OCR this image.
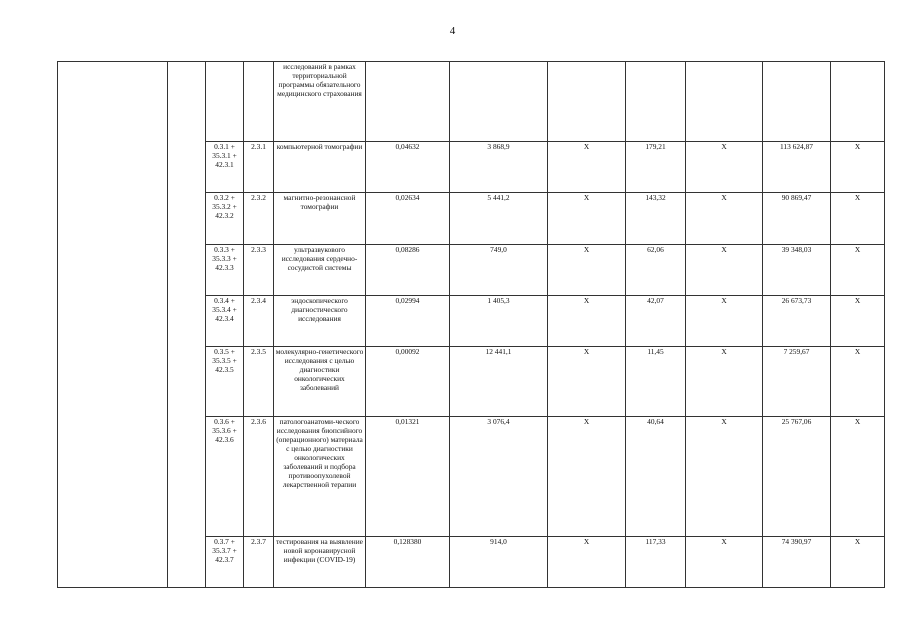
4
				исследований в рамках территориальной программы обязательного медицинского страхования							
		0.3.1 + 35.3.1 + 42.3.1	2.3.1	компьютерной томографии	0,04632	3 868,9	X	179,21	X	113 624,87	X
		0.3.2 + 35.3.2 + 42.3.2	2.3.2	магнитно-резонансной томографии	0,02634	5 441,2	X	143,32	X	90 869,47	X
		0.3.3 + 35.3.3 + 42.3.3	2.3.3	ультразвукового исследования сердечно-сосудистой системы	0,08286	749,0	X	62,06	X	39 348,03	X
		0.3.4 + 35.3.4 + 42.3.4	2.3.4	эндоскопического диагностического исследования	0,02994	1 405,3	X	42,07	X	26 673,73	X
		0.3.5 + 35.3.5 + 42.3.5	2.3.5	молекулярно-генетического исследования с целью диагностики онкологических заболеваний	0,00092	12 441,1	X	11,45	X	7 259,67	X
		0.3.6 + 35.3.6 + 42.3.6	2.3.6	патологоанатоми-ческого исследования биопсийного (операционного) материала с целью диагностики онкологических заболеваний и подбора противоопухолевой лекарственной терапии	0,01321	3 076,4	X	40,64	X	25 767,06	X
		0.3.7 + 35.3.7 + 42.3.7	2.3.7	тестирования на выявление новой коронавирусной инфекции (COVID-19)	0,128380	914,0	X	117,33	X	74 390,97	X
